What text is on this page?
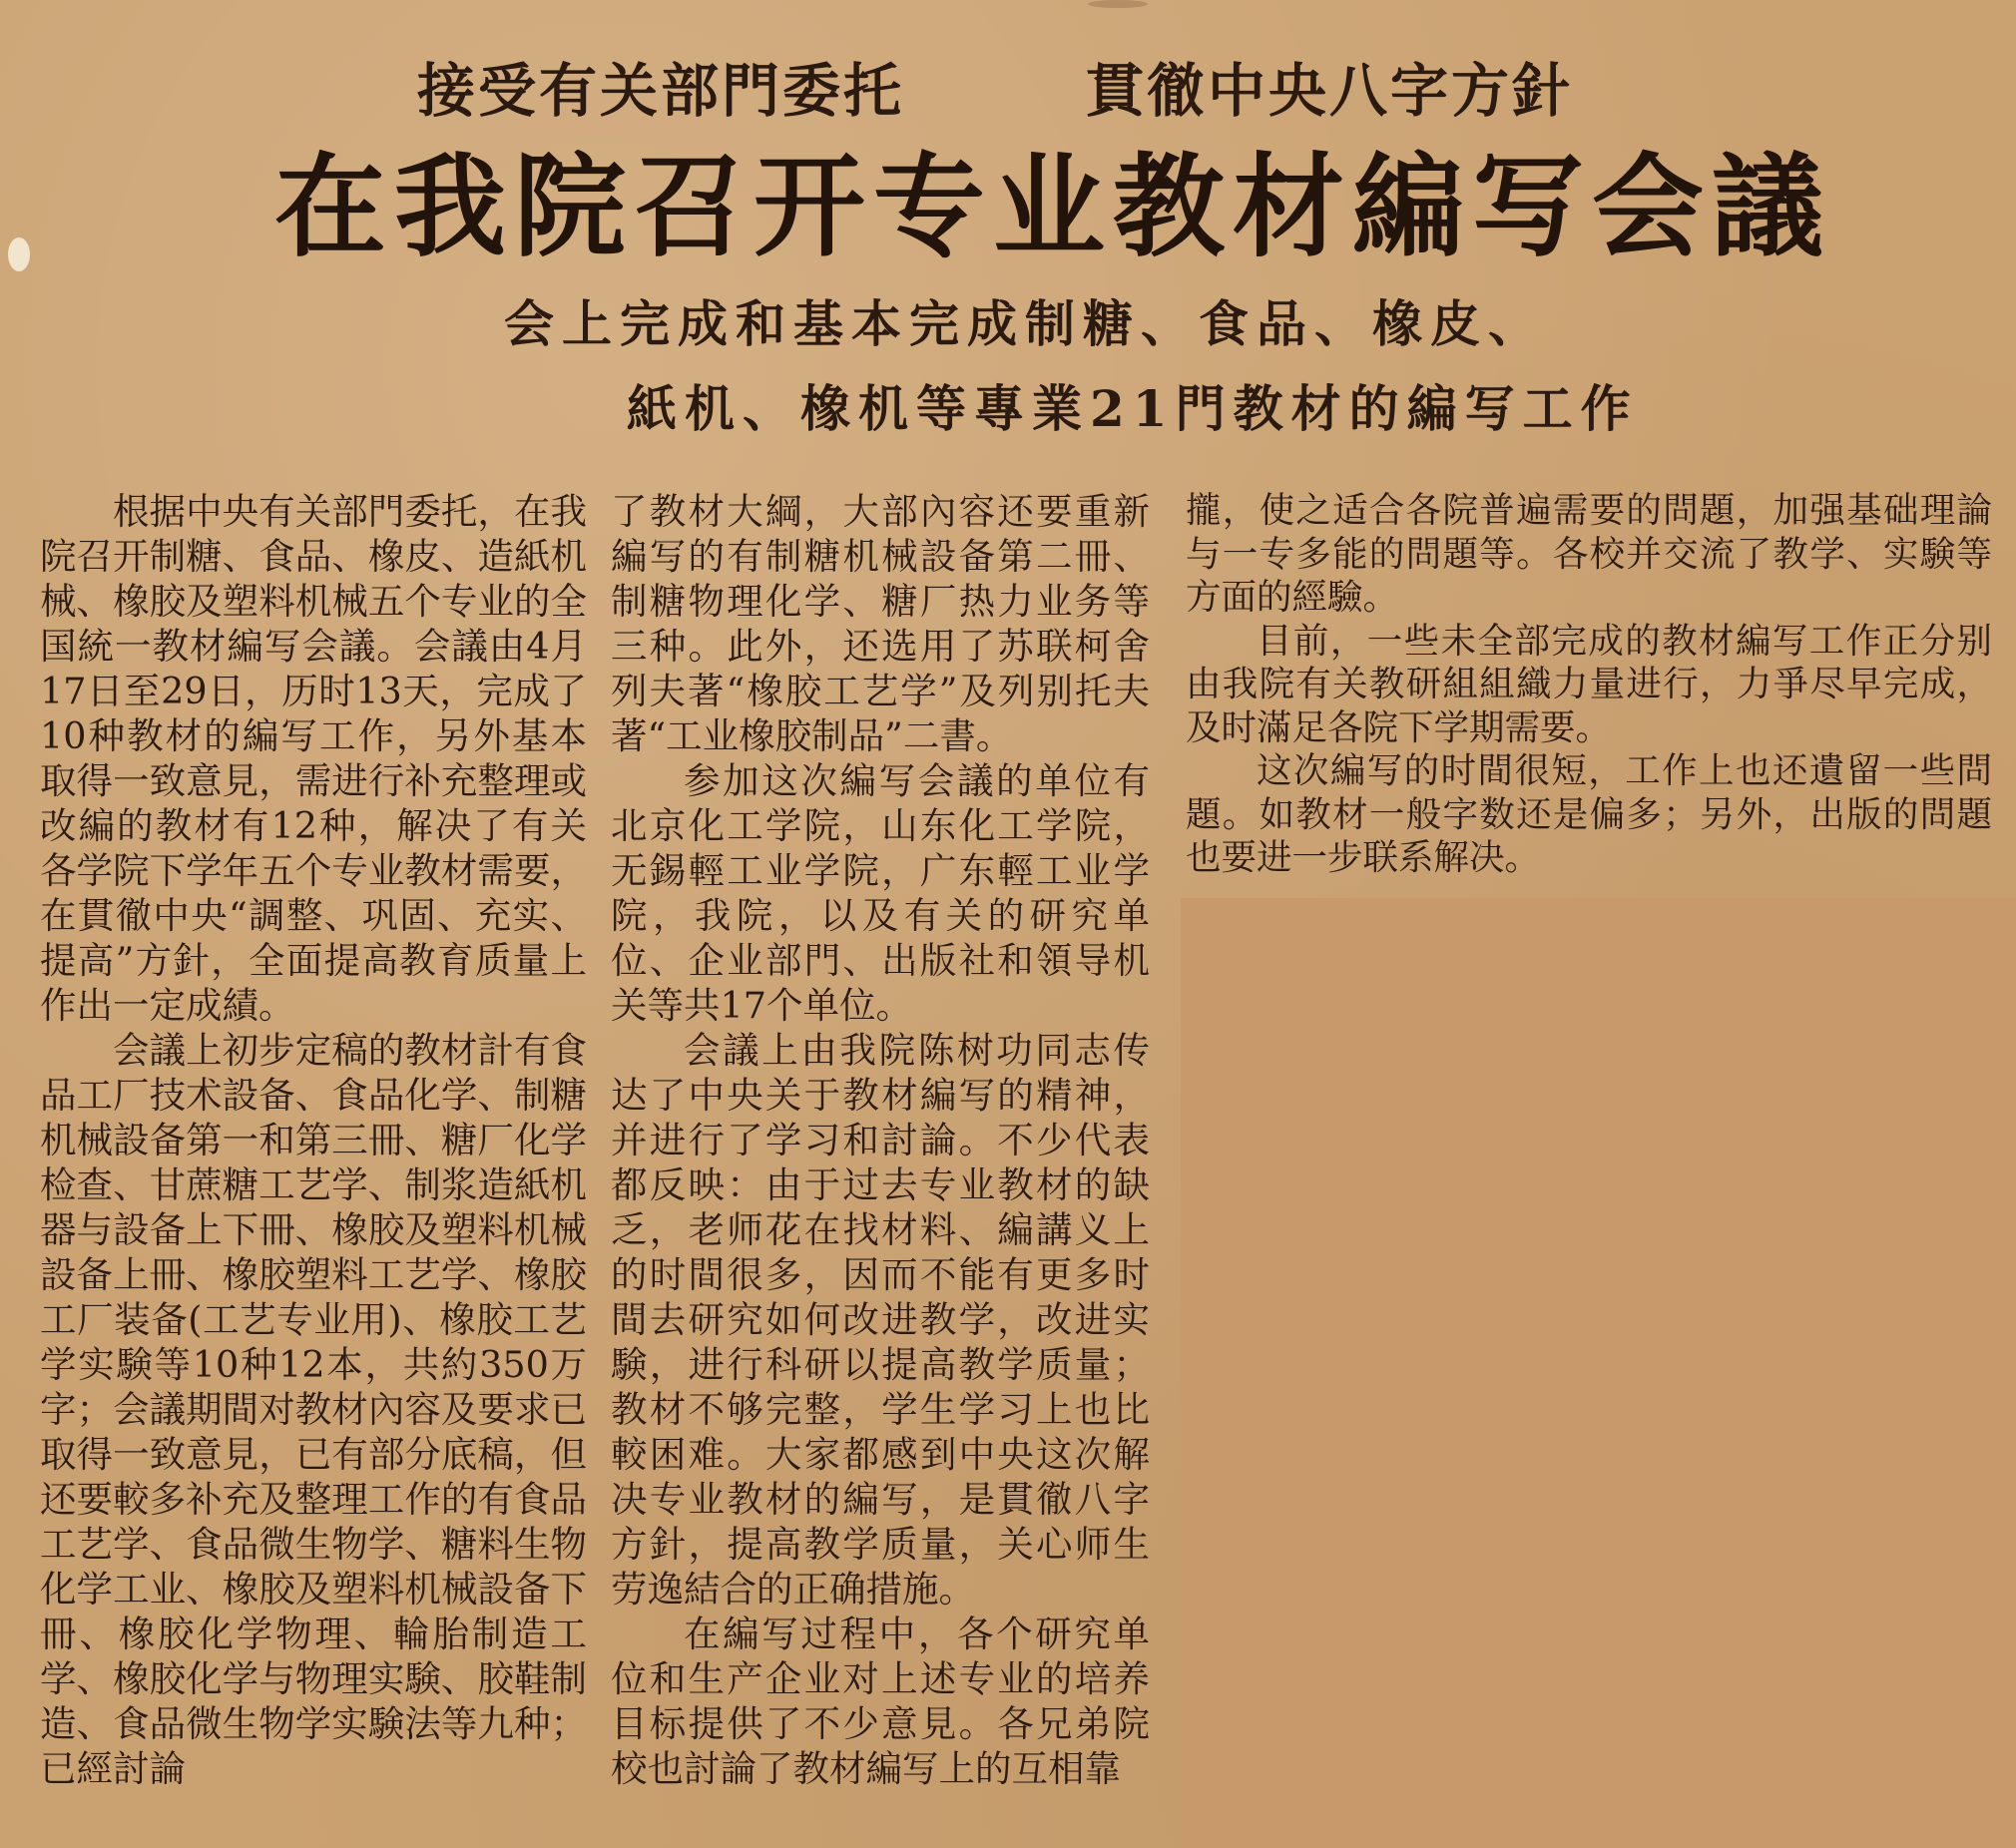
接受有关部門委托	貫徹中央八字方針
在我院召开专业教材編写会議
会上完成和基本完成制糖、食品、橡皮、
紙机、橡机等專業21門教材的編写工作

根据中央有关部門委托，在我院召开制糖、食品、橡皮、造紙机械、橡胶及塑料机械五个专业的全国統一教材編写会議。会議由4月17日至29日，历时13天，完成了10种教材的編写工作，另外基本取得一致意見，需进行补充整理或改編的教材有12种，解决了有关各学院下学年五个专业教材需要，在貫徹中央“調整、巩固、充实、提高”方針，全面提高教育质量上作出一定成績。

会議上初步定稿的教材計有食品工厂技术設备、食品化学、制糖机械設备第一和第三冊、糖厂化学检查、甘蔗糖工艺学、制浆造紙机器与設备上下冊、橡胶及塑料机械設备上冊、橡胶塑料工艺学、橡胶工厂装备(工艺专业用)、橡胶工艺学实験等10种12本，共約350万字；会議期間对教材內容及要求已取得一致意見，已有部分底稿，但还要較多补充及整理工作的有食品工艺学、食品微生物学、糖料生物化学工业、橡胶及塑料机械設备下冊、橡胶化学物理、輪胎制造工学、橡胶化学与物理实験、胶鞋制造、食品微生物学实験法等九种；已經討論

了教材大綱，大部內容还要重新編写的有制糖机械設备第二冊、制糖物理化学、糖厂热力业务等三种。此外，还选用了苏联柯舍列夫著“橡胶工艺学”及列别托夫著“工业橡胶制品”二書。

参加这次編写会議的单位有北京化工学院，山东化工学院，无錫輕工业学院，广东輕工业学院，我院，以及有关的研究单位、企业部門、出版社和領导机关等共17个单位。

会議上由我院陈树功同志传达了中央关于教材編写的精神，并进行了学习和討論。不少代表都反映：由于过去专业教材的缺乏，老师花在找材料、編講义上的时間很多，因而不能有更多时間去研究如何改进教学，改进实験，进行科研以提高教学质量；教材不够完整，学生学习上也比較困难。大家都感到中央这次解决专业教材的編写，是貫徹八字方針，提高教学质量，关心师生劳逸結合的正确措施。

在編写过程中，各个研究单位和生产企业对上述专业的培养目标提供了不少意見。各兄弟院校也討論了教材編写上的互相靠

攏，使之适合各院普遍需要的問題，加强基础理論与一专多能的問題等。各校并交流了教学、实験等方面的經驗。

目前，一些未全部完成的教材編写工作正分别由我院有关教研組組織力量进行，力爭尽早完成，及时滿足各院下学期需要。

这次編写的时間很短，工作上也还遺留一些問題。如教材一般字数还是偏多；另外，出版的問題也要进一步联系解决。
